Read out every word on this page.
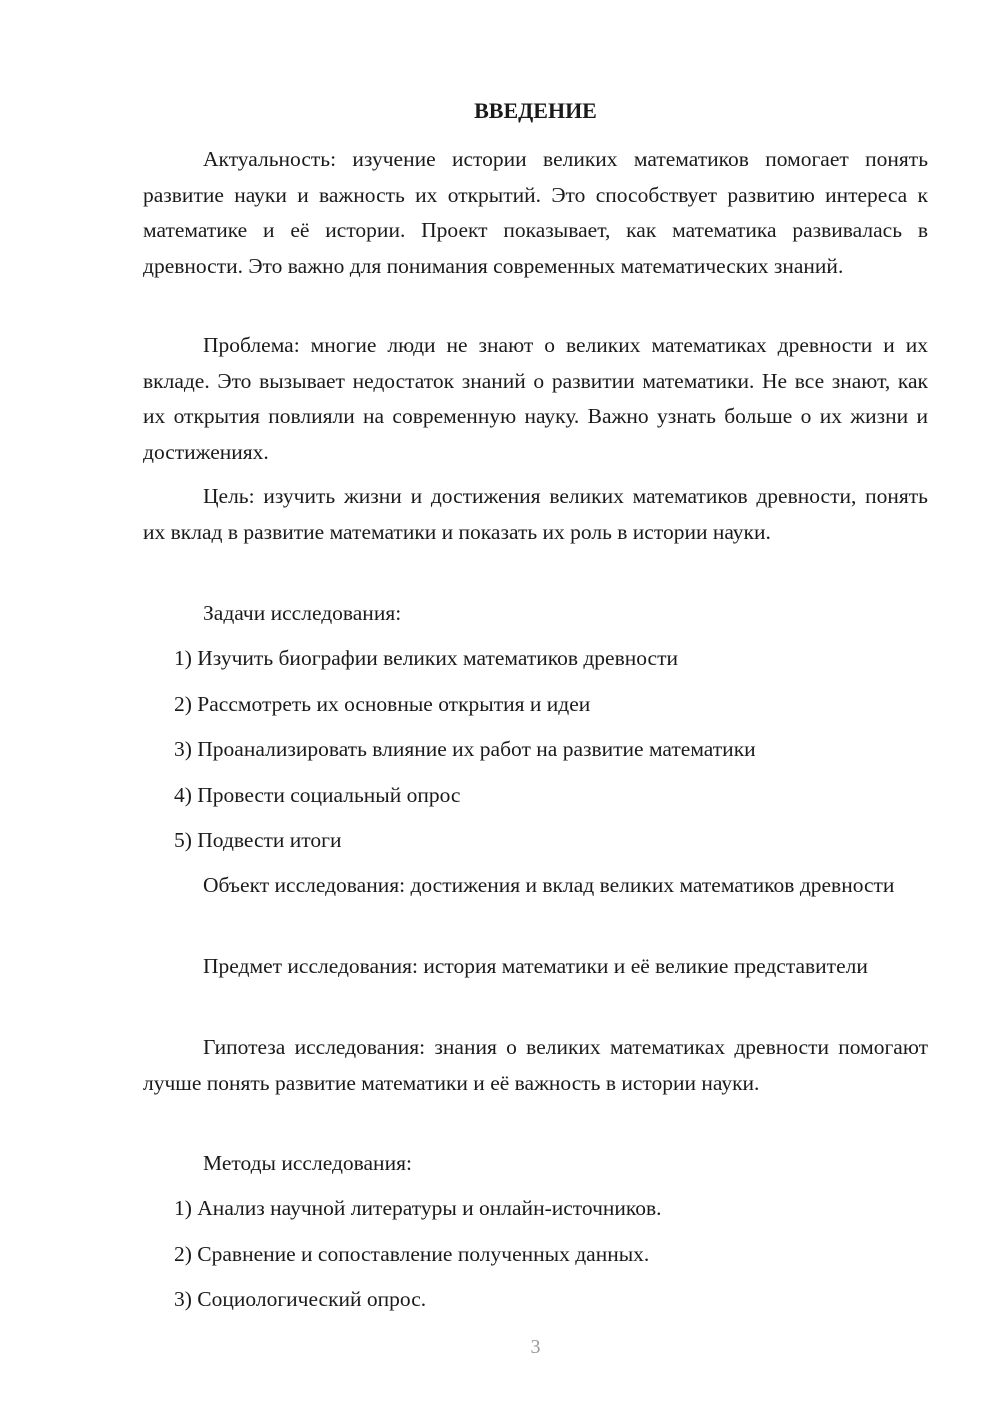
ВВЕДЕНИЕ

Актуальность: изучение истории великих математиков помогает понять развитие науки и важность их открытий. Это способствует развитию интереса к математике и её истории. Проект показывает, как математика развивалась в древности. Это важно для понимания современных математических знаний.

Проблема: многие люди не знают о великих математиках древности и их вкладе. Это вызывает недостаток знаний о развитии математики. Не все знают, как их открытия повлияли на современную науку. Важно узнать больше о их жизни и достижениях.

Цель: изучить жизни и достижения великих математиков древности, понять их вклад в развитие математики и показать их роль в истории науки.

Задачи исследования:
1) Изучить биографии великих математиков древности
2) Рассмотреть их основные открытия и идеи
3) Проанализировать влияние их работ на развитие математики
4) Провести социальный опрос
5) Подвести итоги

Объект исследования: достижения и вклад великих математиков древности

Предмет исследования: история математики и её великие представители

Гипотеза исследования: знания о великих математиках древности помогают лучше понять развитие математики и её важность в истории науки.

Методы исследования:
1) Анализ научной литературы и онлайн-источников.
2) Сравнение и сопоставление полученных данных.
3) Социологический опрос.
3
